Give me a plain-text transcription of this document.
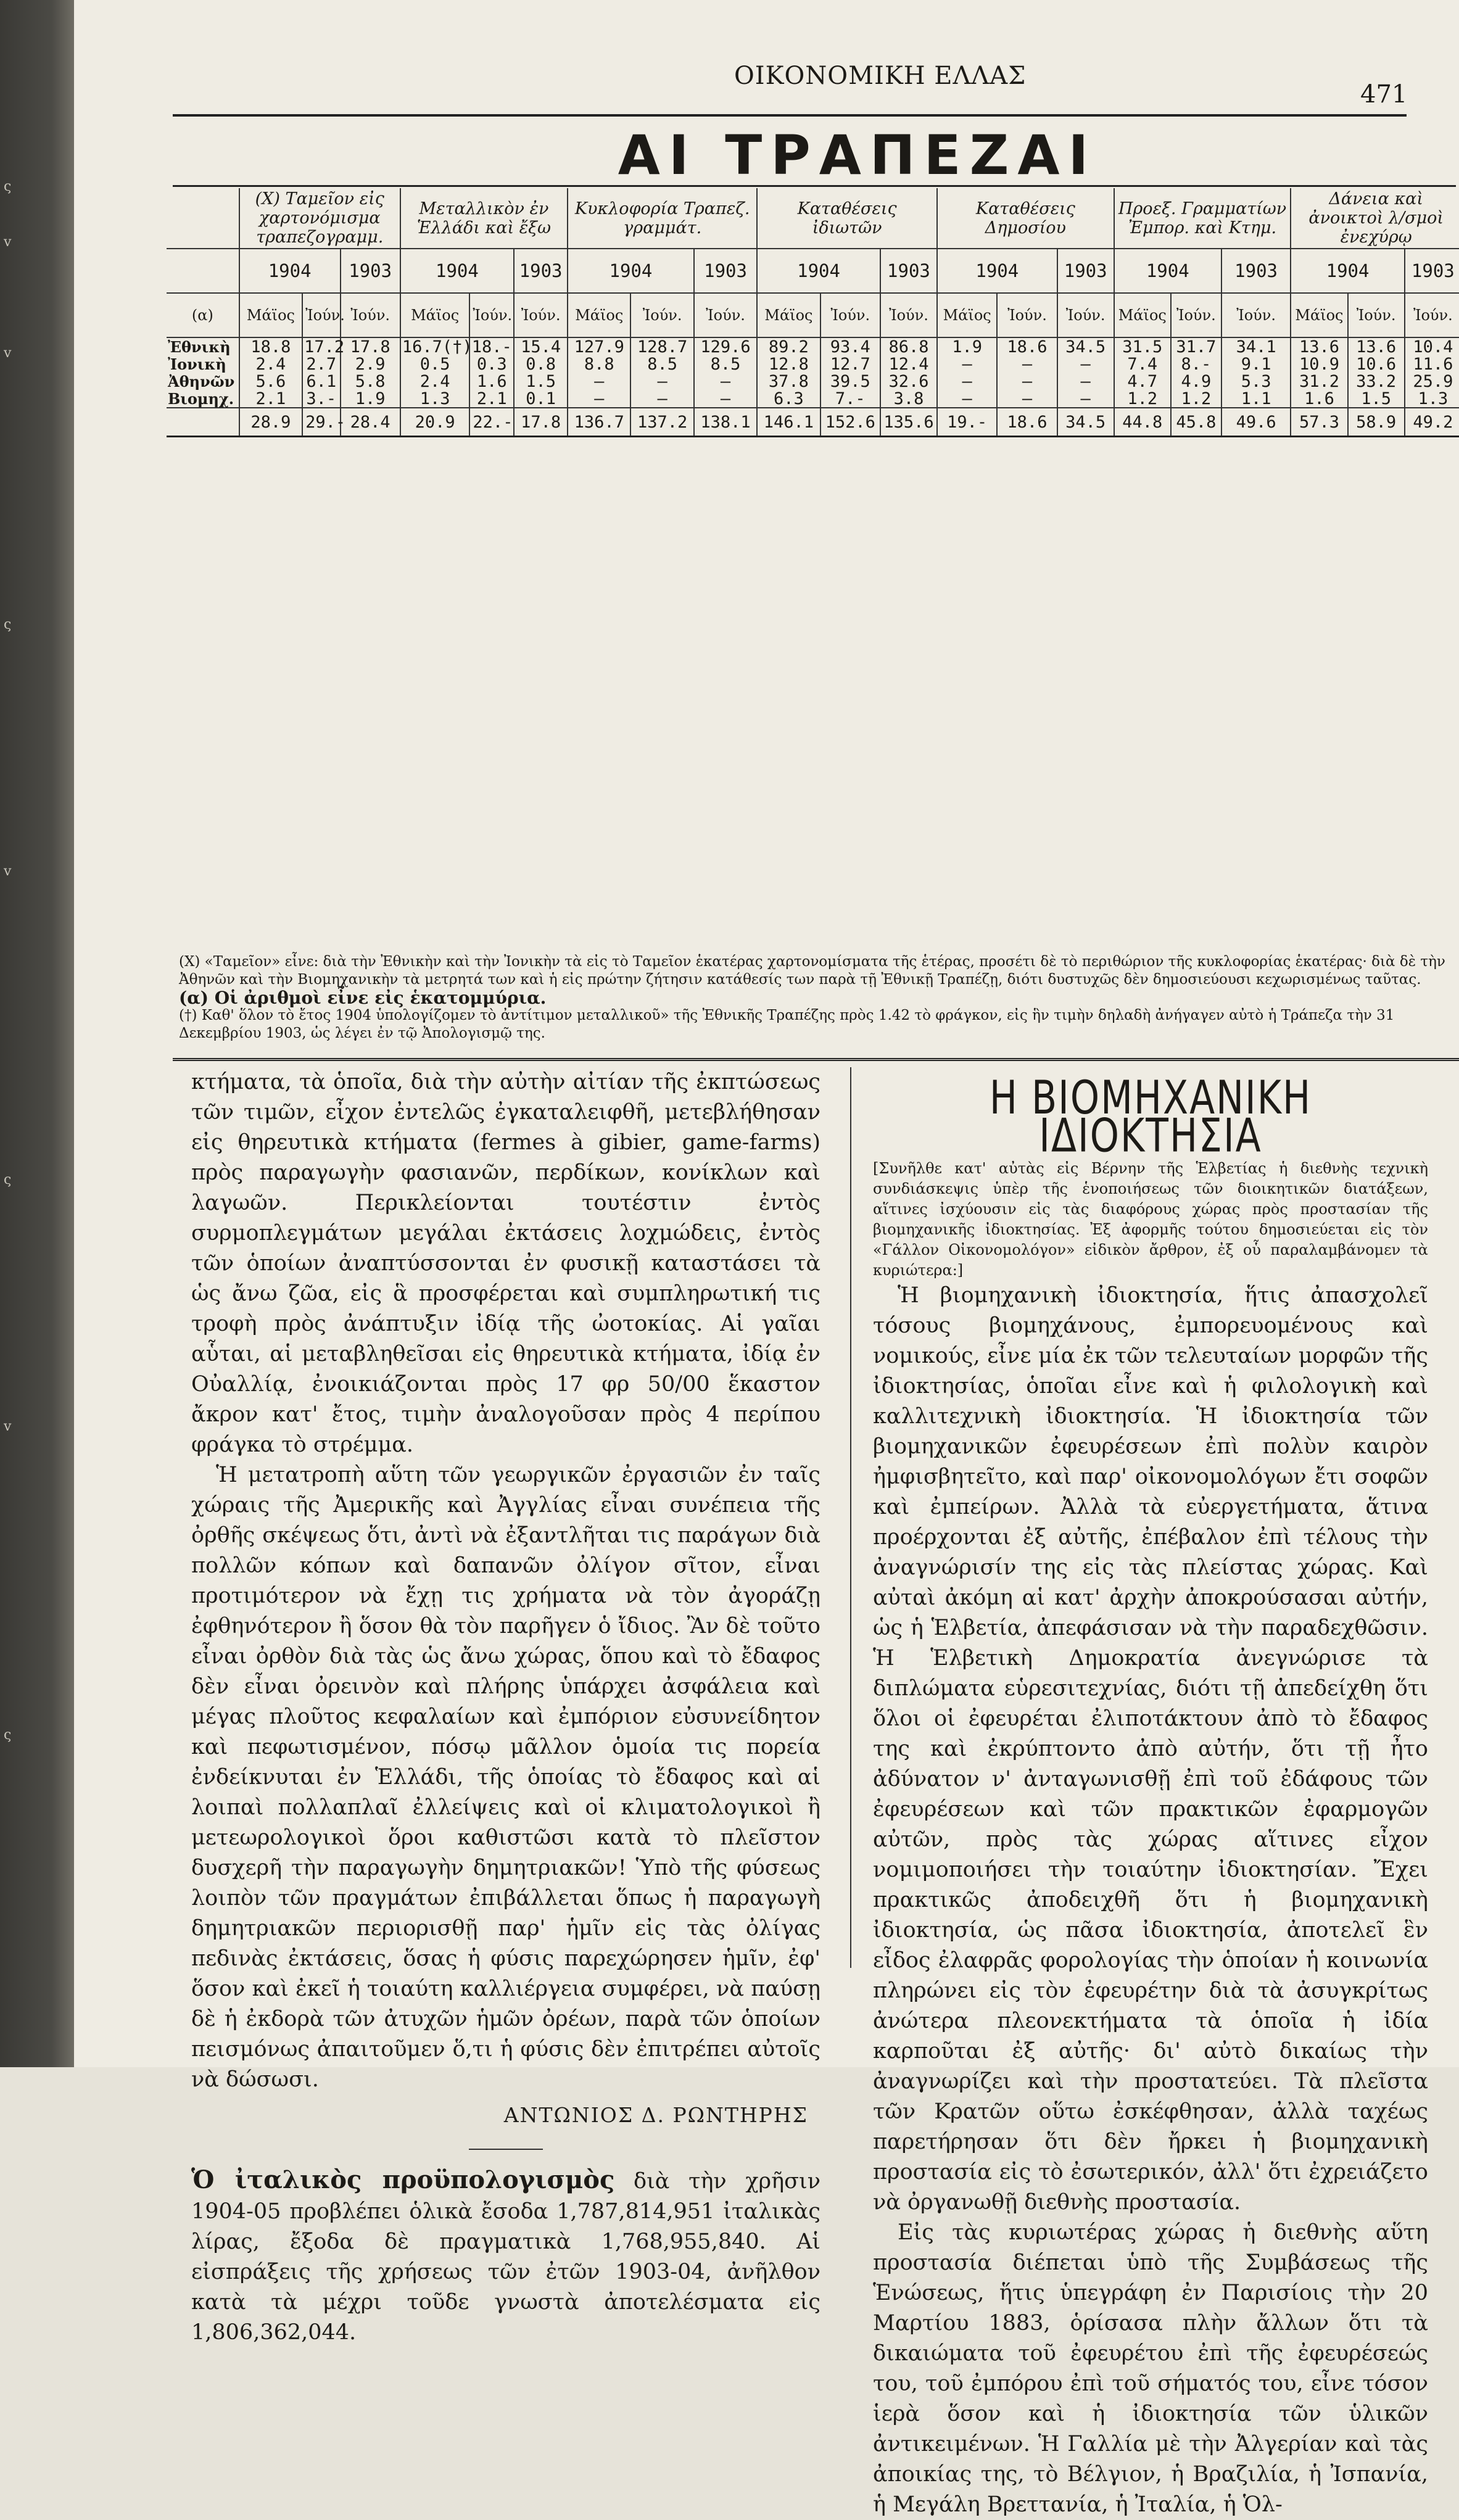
ς
v
v
ς
v
ς
v
ς
ΟΙΚΟΝΟΜΙΚΗ ΕΛΛΑΣ
471
ΑΙ ΤΡΑΠΕΖΑΙ
	(Χ) Ταμεῖον εἰς χαρτονόμισμα τραπεζογραμμ.			Μεταλλικὸν ἐν Ἑλλάδι καὶ ἔξω			Κυκλοφορία Τραπεζ. γραμμάτ.			Καταθέσεις ἰδιωτῶν			Καταθέσεις Δημοσίου			Προεξ. Γραμματίων Ἐμπορ. καὶ Κτημ.			Δάνεια καὶ ἀνοικτοὶ λ/σμοὶ ἐνεχύρῳ		
	1904		1903	1904		1903	1904		1903	1904		1903	1904		1903	1904		1903	1904		1903
(α)	Μάϊος	Ἰούν.	Ἰούν.	Μάϊος	Ἰούν.	Ἰούν.	Μάϊος	Ἰούν.	Ἰούν.	Μάϊος	Ἰούν.	Ἰούν.	Μάϊος	Ἰούν.	Ἰούν.	Μάϊος	Ἰούν.	Ἰούν.	Μάϊος	Ἰούν.	Ἰούν.
Ἐθνικὴ	18.8	17.2	17.8	16.7(†)	18.-	15.4	127.9	128.7	129.6	89.2	93.4	86.8	1.9	18.6	34.5	31.5	31.7	34.1	13.6	13.6	10.4
Ἰονικὴ	2.4	2.7	2.9	0.5	0.3	0.8	8.8	8.5	8.5	12.8	12.7	12.4	—	—	—	7.4	8.-	9.1	10.9	10.6	11.6
Ἀθηνῶν	5.6	6.1	5.8	2.4	1.6	1.5	—	—	—	37.8	39.5	32.6	—	—	—	4.7	4.9	5.3	31.2	33.2	25.9
Βιομηχ.	2.1	3.-	1.9	1.3	2.1	0.1	—	—	—	6.3	7.-	3.8	—	—	—	1.2	1.2	1.1	1.6	1.5	1.3
	28.9	29.-	28.4	20.9	22.-	17.8	136.7	137.2	138.1	146.1	152.6	135.6	19.-	18.6	34.5	44.8	45.8	49.6	57.3	58.9	49.2

(Χ) «Ταμεῖον» εἶνε: διὰ τὴν Ἐθνικὴν καὶ τὴν Ἰονικὴν τὰ εἰς τὸ Ταμεῖον ἑκατέρας χαρτονομίσματα τῆς ἑτέρας, προσέτι δὲ τὸ περιθώριον τῆς κυκλοφορίας ἑκατέρας· διὰ δὲ τὴν Ἀθηνῶν καὶ τὴν Βιομηχανικὴν τὰ μετρητά των καὶ ἡ εἰς πρώτην ζήτησιν κατάθεσίς των παρὰ τῇ Ἐθνικῇ Τραπέζῃ, διότι δυστυχῶς δὲν δημοσιεύουσι κεχωρισμένως ταῦτας.

(α) Οἱ ἀριθμοὶ εἶνε εἰς ἑκατομμύρια.

(†) Καθ' ὅλον τὸ ἔτος 1904 ὑπολογίζομεν τὸ ἀντίτιμον μεταλλικοῦ» τῆς Ἐθνικῆς Τραπέζης πρὸς 1.42 τὸ φράγκον, εἰς ἣν τιμὴν δηλαδὴ ἀνήγαγεν αὐτὸ ἡ Τράπεζα τὴν 31 Δεκεμβρίου 1903, ὡς λέγει ἐν τῷ Ἀπολογισμῷ της.

κτήματα, τὰ ὁποῖα, διὰ τὴν αὐτὴν αἰτίαν τῆς ἐκπτώσεως τῶν τιμῶν, εἶχον ἐντελῶς ἐγκαταλειφθῆ, μετεβλήθησαν εἰς θηρευτικὰ κτήματα (fermes à gibier, game-farms) πρὸς παραγωγὴν φασιανῶν, περδίκων, κονίκλων καὶ λαγωῶν. Περικλείονται τουτέστιν ἐντὸς συρμοπλεγμάτων μεγάλαι ἐκτάσεις λοχμώδεις, ἐντὸς τῶν ὁποίων ἀναπτύσσονται ἐν φυσικῇ καταστάσει τὰ ὡς ἄνω ζῶα, εἰς ἃ προσφέρεται καὶ συμπληρωτική τις τροφὴ πρὸς ἀνάπτυξιν ἰδίᾳ τῆς ὠοτοκίας. Αἱ γαῖαι αὗται, αἱ μεταβληθεῖσαι εἰς θηρευτικὰ κτήματα, ἰδίᾳ ἐν Οὐαλλίᾳ, ἐνοικιάζονται πρὸς 17 φρ 50/00 ἕκαστον ἄκρον κατ' ἔτος, τιμὴν ἀναλογοῦσαν πρὸς 4 περίπου φράγκα τὸ στρέμμα.

Ἡ μετατροπὴ αὕτη τῶν γεωργικῶν ἐργασιῶν ἐν ταῖς χώραις τῆς Ἀμερικῆς καὶ Ἀγγλίας εἶναι συνέπεια τῆς ὀρθῆς σκέψεως ὅτι, ἀντὶ νὰ ἐξαντλῆται τις παράγων διὰ πολλῶν κόπων καὶ δαπανῶν ὀλίγον σῖτον, εἶναι προτιμότερον νὰ ἔχῃ τις χρήματα νὰ τὸν ἀγοράζῃ ἐφθηνότερον ἢ ὅσον θὰ τὸν παρῆγεν ὁ ἴδιος. Ἂν δὲ τοῦτο εἶναι ὀρθὸν διὰ τὰς ὡς ἄνω χώρας, ὅπου καὶ τὸ ἔδαφος δὲν εἶναι ὀρεινὸν καὶ πλήρης ὑπάρχει ἀσφάλεια καὶ μέγας πλοῦτος κεφαλαίων καὶ ἐμπόριον εὐσυνείδητον καὶ πεφωτισμένον, πόσῳ μᾶλλον ὁμοία τις πορεία ἐνδείκνυται ἐν Ἑλλάδι, τῆς ὁποίας τὸ ἔδαφος καὶ αἱ λοιπαὶ πολλαπλαῖ ἐλλείψεις καὶ οἱ κλιματολογικοὶ ἢ μετεωρολογικοὶ ὅροι καθιστῶσι κατὰ τὸ πλεῖστον δυσχερῆ τὴν παραγωγὴν δημητριακῶν! Ὑπὸ τῆς φύσεως λοιπὸν τῶν πραγμάτων ἐπιβάλλεται ὅπως ἡ παραγωγὴ δημητριακῶν περιορισθῇ παρ' ἡμῖν εἰς τὰς ὀλίγας πεδινὰς ἐκτάσεις, ὅσας ἡ φύσις παρεχώρησεν ἡμῖν, ἐφ' ὅσον καὶ ἐκεῖ ἡ τοιαύτη καλλιέργεια συμφέρει, νὰ παύσῃ δὲ ἡ ἐκδορὰ τῶν ἀτυχῶν ἡμῶν ὀρέων, παρὰ τῶν ὁποίων πεισμόνως ἀπαιτοῦμεν ὅ,τι ἡ φύσις δὲν ἐπιτρέπει αὐτοῖς νὰ δώσωσι.

ΑΝΤΩΝΙΟΣ Δ. ΡΩΝΤΗΡΗΣ

Ὁ ἰταλικὸς προϋπολογισμὸς διὰ τὴν χρῆσιν 1904-05 προβλέπει ὁλικὰ ἔσοδα 1,787,814,951 ἰταλικὰς λίρας, ἔξοδα δὲ πραγματικὰ 1,768,955,840. Αἱ εἰσπράξεις τῆς χρήσεως τῶν ἐτῶν 1903-04, ἀνῆλθον κατὰ τὰ μέχρι τοῦδε γνωστὰ ἀποτελέσματα εἰς 1,806,362,044.

Η ΒΙΟΜΗΧΑΝΙΚΗ ΙΔΙΟΚΤΗΣΙΑ

[Συνῆλθε κατ' αὐτὰς εἰς Βέρνην τῆς Ἑλβετίας ἡ διεθνὴς τεχνικὴ συνδιάσκεψις ὑπὲρ τῆς ἑνοποιήσεως τῶν διοικητικῶν διατάξεων, αἵτινες ἰσχύουσιν εἰς τὰς διαφόρους χώρας πρὸς προστασίαν τῆς βιομηχανικῆς ἰδιοκτησίας. Ἐξ ἀφορμῆς τούτου δημοσιεύεται εἰς τὸν «Γάλλον Οἰκονομολόγον» εἰδικὸν ἄρθρον, ἐξ οὗ παραλαμβάνομεν τὰ κυριώτερα:]

Ἡ βιομηχανικὴ ἰδιοκτησία, ἥτις ἀπασχολεῖ τόσους βιομηχάνους, ἐμπορευομένους καὶ νομικούς, εἶνε μία ἐκ τῶν τελευταίων μορφῶν τῆς ἰδιοκτησίας, ὁποῖαι εἶνε καὶ ἡ φιλολογικὴ καὶ καλλιτεχνικὴ ἰδιοκτησία. Ἡ ἰδιοκτησία τῶν βιομηχανικῶν ἐφευρέσεων ἐπὶ πολὺν καιρὸν ἠμφισβητεῖτο, καὶ παρ' οἰκονομολόγων ἔτι σοφῶν καὶ ἐμπείρων. Ἀλλὰ τὰ εὐεργετήματα, ἅτινα προέρχονται ἐξ αὐτῆς, ἐπέβαλον ἐπὶ τέλους τὴν ἀναγνώρισίν της εἰς τὰς πλείστας χώρας. Καὶ αὐταὶ ἀκόμη αἱ κατ' ἀρχὴν ἀποκρούσασαι αὐτήν, ὡς ἡ Ἑλβετία, ἀπεφάσισαν νὰ τὴν παραδεχθῶσιν. Ἡ Ἑλβετικὴ Δημοκρατία ἀνεγνώρισε τὰ διπλώματα εὑρεσιτεχνίας, διότι τῇ ἀπεδείχθη ὅτι ὅλοι οἱ ἐφευρέται ἐλιποτάκτουν ἀπὸ τὸ ἔδαφος της καὶ ἐκρύπτοντο ἀπὸ αὐτήν, ὅτι τῇ ἦτο ἀδύνατον ν' ἀνταγωνισθῇ ἐπὶ τοῦ ἐδάφους τῶν ἐφευρέσεων καὶ τῶν πρακτικῶν ἐφαρμογῶν αὐτῶν, πρὸς τὰς χώρας αἵτινες εἶχον νομιμοποιήσει τὴν τοιαύτην ἰδιοκτησίαν. Ἔχει πρακτικῶς ἀποδειχθῆ ὅτι ἡ βιομηχανικὴ ἰδιοκτησία, ὡς πᾶσα ἰδιοκτησία, ἀποτελεῖ ἓν εἶδος ἐλαφρᾶς φορολογίας τὴν ὁποίαν ἡ κοινωνία πληρώνει εἰς τὸν ἐφευρέτην διὰ τὰ ἀσυγκρίτως ἀνώτερα πλεονεκτήματα τὰ ὁποῖα ἡ ἰδία καρποῦται ἐξ αὐτῆς· δι' αὐτὸ δικαίως τὴν ἀναγνωρίζει καὶ τὴν προστατεύει. Τὰ πλεῖστα τῶν Κρατῶν οὕτω ἐσκέφθησαν, ἀλλὰ ταχέως παρετήρησαν ὅτι δὲν ἤρκει ἡ βιομηχανικὴ προστασία εἰς τὸ ἐσωτερικόν, ἀλλ' ὅτι ἐχρειάζετο νὰ ὀργανωθῇ διεθνὴς προστασία.

Εἰς τὰς κυριωτέρας χώρας ἡ διεθνὴς αὕτη προστασία διέπεται ὑπὸ τῆς Συμβάσεως τῆς Ἑνώσεως, ἥτις ὑπεγράφη ἐν Παρισίοις τὴν 20 Μαρτίου 1883, ὁρίσασα πλὴν ἄλλων ὅτι τὰ δικαιώματα τοῦ ἐφευρέτου ἐπὶ τῆς ἐφευρέσεώς του, τοῦ ἐμπόρου ἐπὶ τοῦ σήματός του, εἶνε τόσον ἱερὰ ὅσον καὶ ἡ ἰδιοκτησία τῶν ὑλικῶν ἀντικειμένων. Ἡ Γαλλία μὲ τὴν Ἀλγερίαν καὶ τὰς ἀποικίας της, τὸ Βέλγιον, ἡ Βραζιλία, ἡ Ἰσπανία, ἡ Μεγάλη Βρεττανία, ἡ Ἰταλία, ἡ Ὁλ-
